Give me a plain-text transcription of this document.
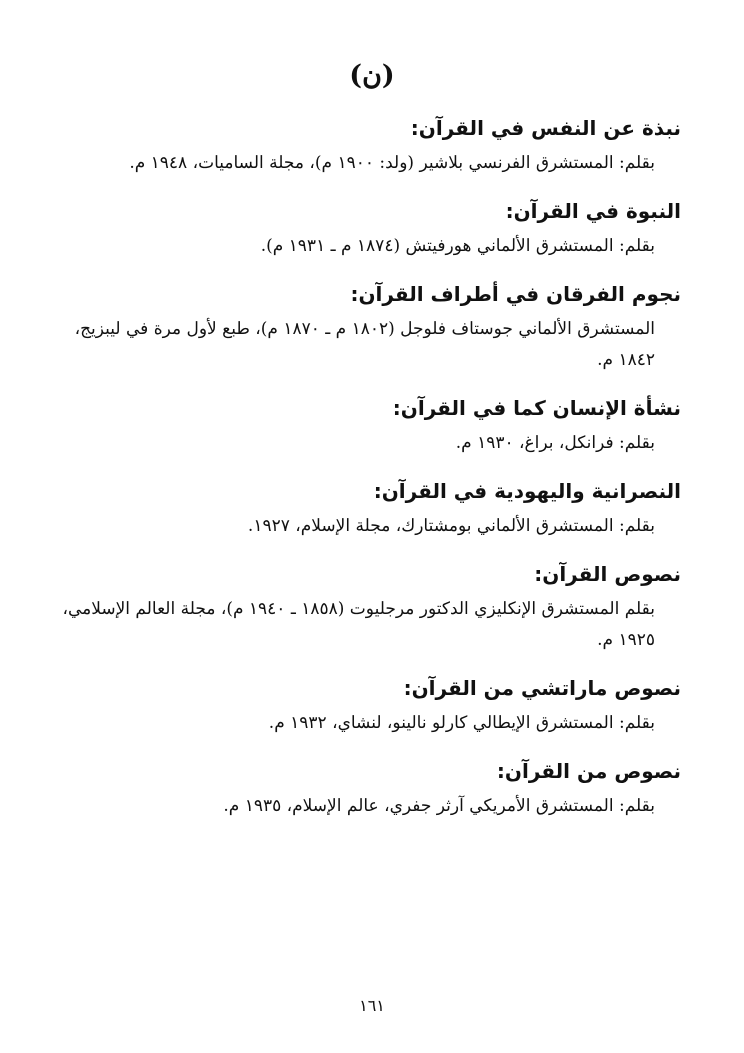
(ن)
نبذة عن النفس في القرآن:
بقلم: المستشرق الفرنسي بلاشير (ولد: ١٩٠٠ م)، مجلة الساميات، ١٩٤٨ م.
النبوة في القرآن:
بقلم: المستشرق الألماني هورفيتش (١٨٧٤ م ـ ١٩٣١ م).
نجوم الفرقان في أطراف القرآن:
المستشرق الألماني جوستاف فلوجل (١٨٠٢ م ـ ١٨٧٠ م)، طبع لأول مرة في ليبزيج، ١٨٤٢ م.
نشأة الإنسان كما في القرآن:
بقلم: فرانكل، براغ، ١٩٣٠ م.
النصرانية واليهودية في القرآن:
بقلم: المستشرق الألماني بومشتارك، مجلة الإسلام، ١٩٢٧.
نصوص القرآن:
بقلم المستشرق الإنكليزي الدكتور مرجليوت (١٨٥٨ ـ ١٩٤٠ م)، مجلة العالم الإسلامي، ١٩٢٥ م.
نصوص ماراتشي من القرآن:
بقلم: المستشرق الإيطالي كارلو نالينو، لنشاي، ١٩٣٢ م.
نصوص من القرآن:
بقلم: المستشرق الأمريكي آرثر جفري، عالم الإسلام، ١٩٣٥ م.
١٦١
